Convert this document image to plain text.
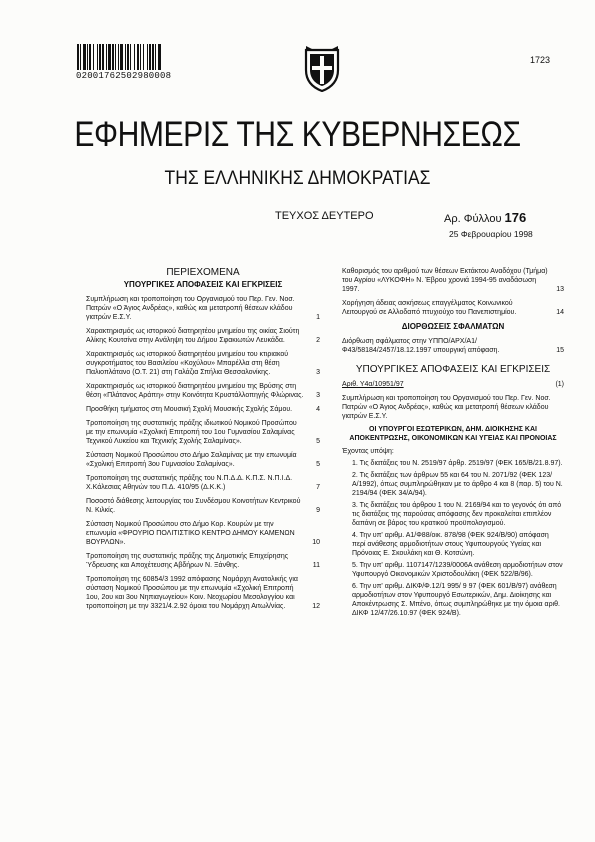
02001762502980008
1723
ΕΦΗΜΕΡΙΣ ΤΗΣ ΚΥΒΕΡΝΗΣΕΩΣ
ΤΗΣ ΕΛΛΗΝΙΚΗΣ ΔΗΜΟΚΡΑΤΙΑΣ
ΤΕΥΧΟΣ ΔΕΥΤΕΡΟ	Αρ. Φύλλου 176
25 Φεβρουαρίου 1998
ΠΕΡΙΕΧΟΜΕΝΑ
ΥΠΟΥΡΓΙΚΕΣ ΑΠΟΦΑΣΕΙΣ ΚΑΙ ΕΓΚΡΙΣΕΙΣ
Συμπλήρωση και τροποποίηση του Οργανισμού του Περ. Γεν. Νοσ. Πατρών «Ο Άγιος Ανδρέας», καθώς και μετατροπή θέσεων κλάδου γιατρών Ε.Σ.Υ.	1
Χαρακτηρισμός ως ιστορικού διατηρητέου μνημείου της οικίας Σιούτη Αλίκης Κουτσίνα στην Ανάληψη του Δήμου Σφακιωτών Λευκάδα.	2
Χαρακτηρισμός ως ιστορικού διατηρητέου μνημείου του κτιριακού συγκροτήματος του Βασιλείου «Κοχύλου» Μπαρέλλα στη θέση Παλιοπλάτανο (Ο.Τ. 21) στη Γαλάζια Σπήλια Θεσσαλονίκης.	3
Χαρακτηρισμός ως ιστορικού διατηρητέου μνημείου της Βρύσης στη θέση «Πλάτανος Αράπη» στην Κοινότητα Κρυστάλλοπηγής Φλώρινας.	3
Προσθήκη τμήματος στη Μουσική Σχολή Μουσικής Σχολής Σάμου.	4
Τροποποίηση της συστατικής πράξης ιδιωτικού Νομικού Προσώπου με την επωνυμία «Σχολική Επιτροπή του 1ου Γυμνασίου Σαλαμίνας Τεχνικού Λυκείου και Τεχνικής Σχολής Σαλαμίνας».	5
Σύσταση Νομικού Προσώπου στο Δήμο Σαλαμίνας με την επωνυμία «Σχολική Επιτροπή 3ου Γυμνασίου Σαλαμίνας».	5
Τροποποίηση της συστατικής πράξης του Ν.Π.Δ.Δ. Κ.Π.Σ. Ν.Π.Ι.Δ. Χ.Κάλεσιας Αθηνών του Π.Δ. 410/95 (Δ.Κ.Κ.)	7
Ποσοστό διάθεσης λειτουργίας του Συνδέσμου Κοινοτήτων Κεντρικού Ν. Κιλκίς.	9
Σύσταση Νομικού Προσώπου στο Δήμο Κορ. Κουρών με την επωνυμία «ΦΡΟΥΡΙΟ ΠΟΛΙΤΙΣΤΙΚΟ ΚΕΝΤΡΟ ΔΗΜΟΥ ΚΑΜΕΝΩΝ ΒΟΥΡΛΩΝ».	10
Τροποποίηση της συστατικής πράξης της Δημοτικής Επιχείρησης Ύδρευσης και Αποχέτευσης Αβδήρων Ν. Ξάνθης.	11
Τροποποίηση της 60854/3 1992 απόφασης Νομάρχη Ανατολικής για σύσταση Νομικού Προσώπου με την επωνυμία «Σχολική Επιτροπή 1ου, 2ου και 3ου Νηπιαγωγείου» Κοιν. Νεοχωρίου Μεσολογγίου και τροποποίηση με την 3321/4.2.92 όμοια του Νομάρχη Αιτωλ/νίας.	12
Καθορισμός του αριθμού των θέσεων Εκτάκτου Αναδόχου (Τμήμα) του Αγρίου «ΛΥΚΟΦΗ» Ν. Έβρου χρονιά 1994-95 αναδάσωση 1997.	13
Χορήγηση άδειας ασκήσεως επαγγέλματος Κοινωνικού Λειτουργού σε Αλλοδαπό πτυχιούχο του Πανεπιστημίου.	14
ΔΙΟΡΘΩΣΕΙΣ ΣΦΑΛΜΑΤΩΝ
Διόρθωση σφάλματος στην ΥΠΠΟ/ΑΡΧ/Α1/Φ43/58184/2457/18.12.1997 υπουργική απόφαση.	15
ΥΠΟΥΡΓΙΚΕΣ ΑΠΟΦΑΣΕΙΣ ΚΑΙ ΕΓΚΡΙΣΕΙΣ
Αριθ. Υ4α/10951/97	(1)
Συμπλήρωση και τροποποίηση του Οργανισμού του Περ. Γεν. Νοσ. Πατρών «Ο Άγιος Ανδρέας», καθώς και μετατροπή θέσεων κλάδου γιατρών Ε.Σ.Υ.
ΟΙ ΥΠΟΥΡΓΟΙ ΕΣΩΤΕΡΙΚΩΝ, ΔΗΜ. ΔΙΟΙΚΗΣΗΣ ΚΑΙ ΑΠΟΚΕΝΤΡΩΣΗΣ, ΟΙΚΟΝΟΜΙΚΩΝ ΚΑΙ ΥΓΕΙΑΣ ΚΑΙ ΠΡΟΝΟΙΑΣ
Έχοντας υπόψη:
1. Τις διατάξεις του Ν. 2519/97 άρθρ. 2519/97 (ΦΕΚ 165/Β/21.8.97).
2. Τις διατάξεις των άρθρων 55 και 64 του Ν. 2071/92 (ΦΕΚ 123/Α/1992), όπως συμπληρώθηκαν με το άρθρο 4 και 8 (παρ. 5) του Ν. 2194/94 (ΦΕΚ 34/Α/94).
3. Τις διατάξεις του άρθρου 1 του Ν. 2169/94 και το γεγονός ότι από τις διατάξεις της παρούσας απόφασης δεν προκαλείται επιπλέον δαπάνη σε βάρος του κρατικού προϋπολογισμού.
4. Την υπ' αριθμ. Α1/Φ88/οικ. 878/98 (ΦΕΚ 924/Β/90) απόφαση περί ανάθεσης αρμοδιοτήτων στους Υφυπουργούς Υγείας και Πρόνοιας Ε. Σκουλάκη και Θ. Κοτσώνη.
5. Την υπ' αριθμ. 1107147/1239/0006Α ανάθεση αρμοδιοτήτων στον Υφυπουργό Οικονομικών Χριστοδουλάκη (ΦΕΚ 522/Β/96).
6. Την υπ' αριθμ. ΔΙΚΦ/Φ.12/1 995/ 9 97 (ΦΕΚ 601/Β/97) ανάθεση αρμοδιοτήτων στον Υφυπουργό Εσωτερικών, Δημ. Διοίκησης και Αποκέντρωσης Σ. Μπένο, όπως συμπληρώθηκε με την όμοια αριθ. ΔΙΚΦ 12/47/26.10.97 (ΦΕΚ 924/Β).
